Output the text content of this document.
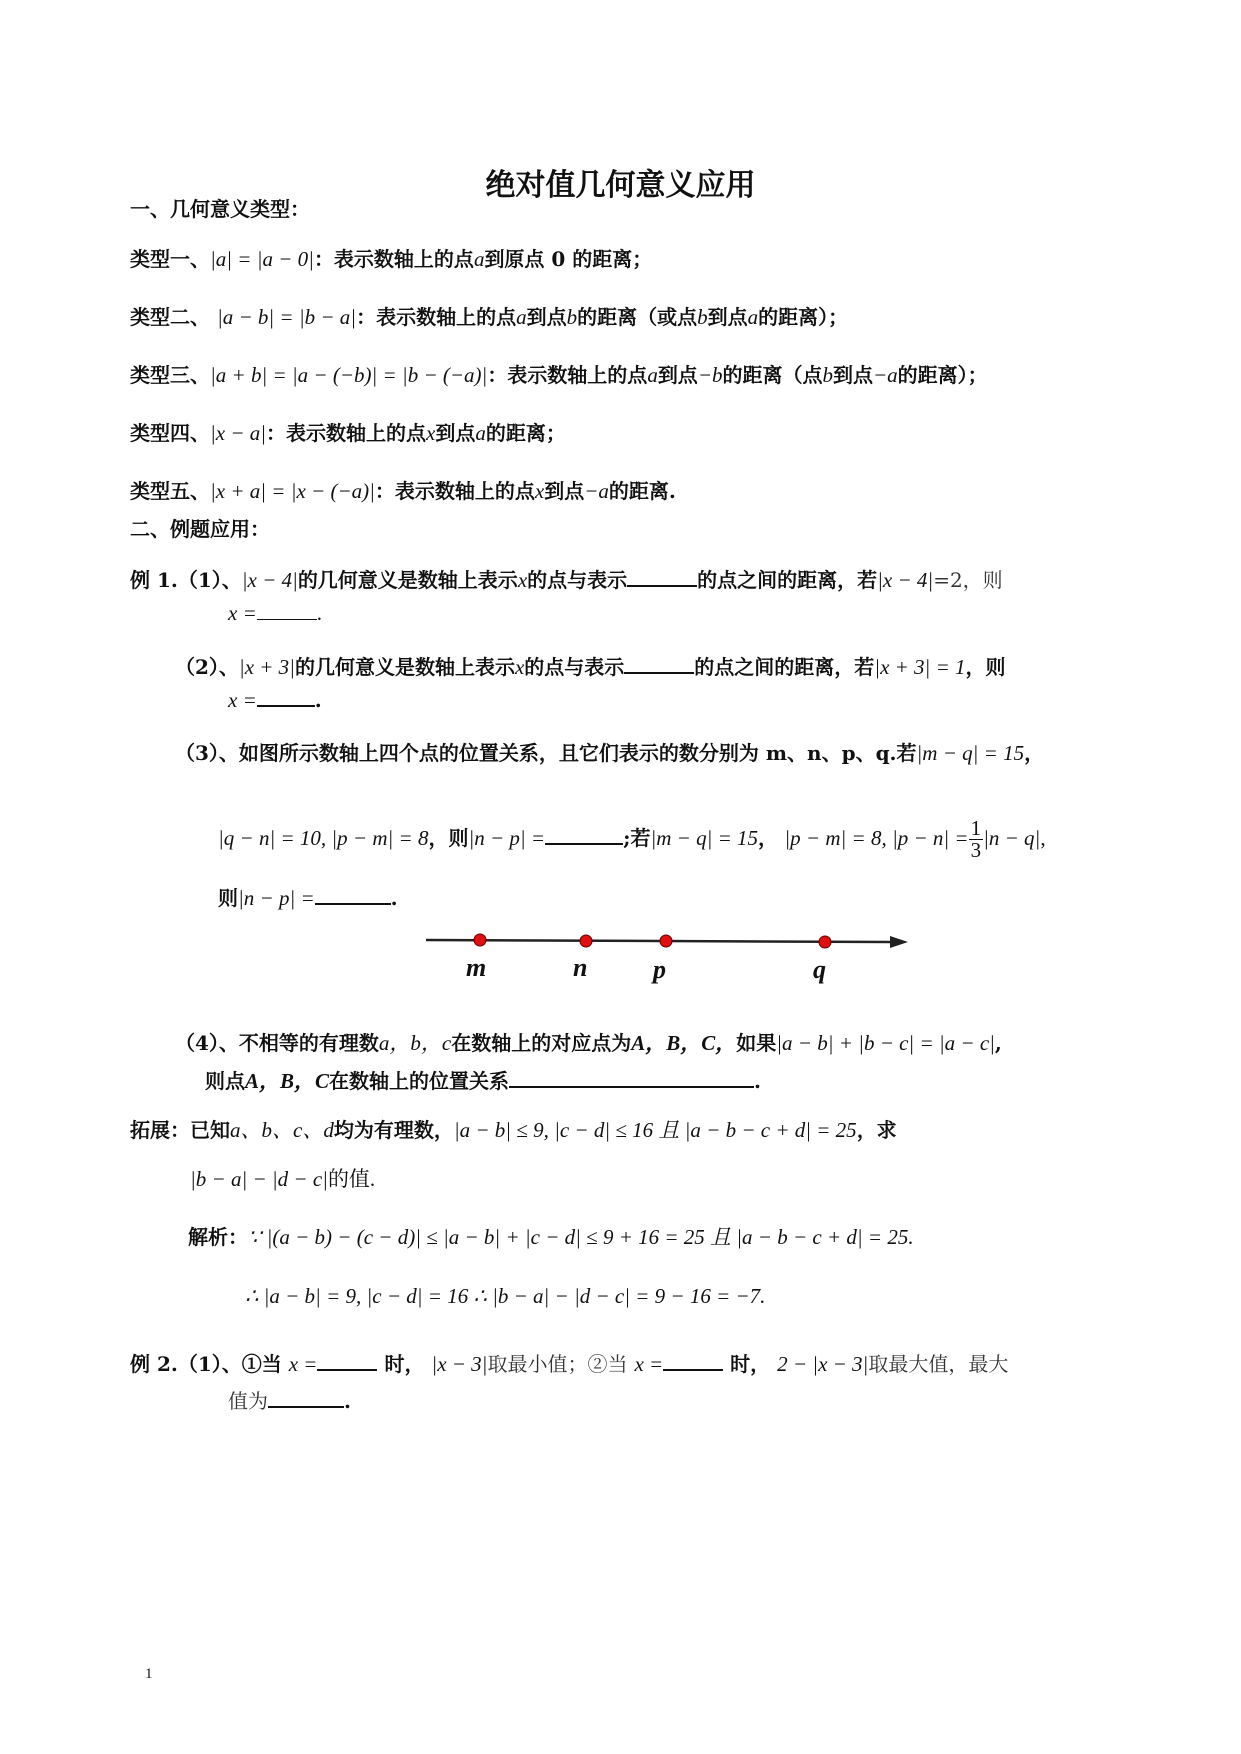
绝对值几何意义应用
一、几何意义类型：
类型一、|a| = |a − 0|：表示数轴上的点a到原点 0 的距离；
类型二、 |a − b| = |b − a|：表示数轴上的点a到点b的距离（或点b到点a的距离）；
类型三、|a + b| = |a − (−b)| = |b − (−a)|：表示数轴上的点a到点−b的距离（点b到点−a的距离）；
类型四、|x − a|：表示数轴上的点x到点a的距离；
类型五、|x + a| = |x − (−a)|：表示数轴上的点x到点−a的距离.
二、例题应用：
例 1.（1）、|x − 4|的几何意义是数轴上表示x的点与表示	的点之间的距离，若|x − 4|=2，则
x =	.
（2）、|x + 3|的几何意义是数轴上表示x的点与表示	的点之间的距离，若|x + 3| = 1，则
x =	.
（3）、如图所示数轴上四个点的位置关系，且它们表示的数分别为 m、n、p、q.若|m − q| = 15，
|q − n| = 10, |p − m| = 8，则|n − p| =	;若|m − q| = 15， |p − m| = 8, $|p - n| = \frac{1}{3} |n - q|$,
则|n − p| =	.
m	n	p	q
（4）、不相等的有理数a，b，c在数轴上的对应点为A，B，C，如果|a − b| + |b − c| = |a − c|,
则点A，B，C在数轴上的位置关系	.
拓展：已知a、b、c、d均为有理数，|a − b| ≤ 9, |c − d| ≤ 16 且 |a − b − c + d| = 25，求
|b − a| − |d − c|的值.
解析：∵ |(a − b) − (c − d)| ≤ |a − b| + |c − d| ≤ 9 + 16 = 25 且 |a − b − c + d| = 25.
∴ |a − b| = 9, |c − d| = 16 ∴ |b − a| − |d − c| = 9 − 16 = −7.
例 2.（1）、①当 x =	时， |x − 3|取最小值；②当 x =	时， 2 − |x − 3|取最大值，最大
值为	.
1
